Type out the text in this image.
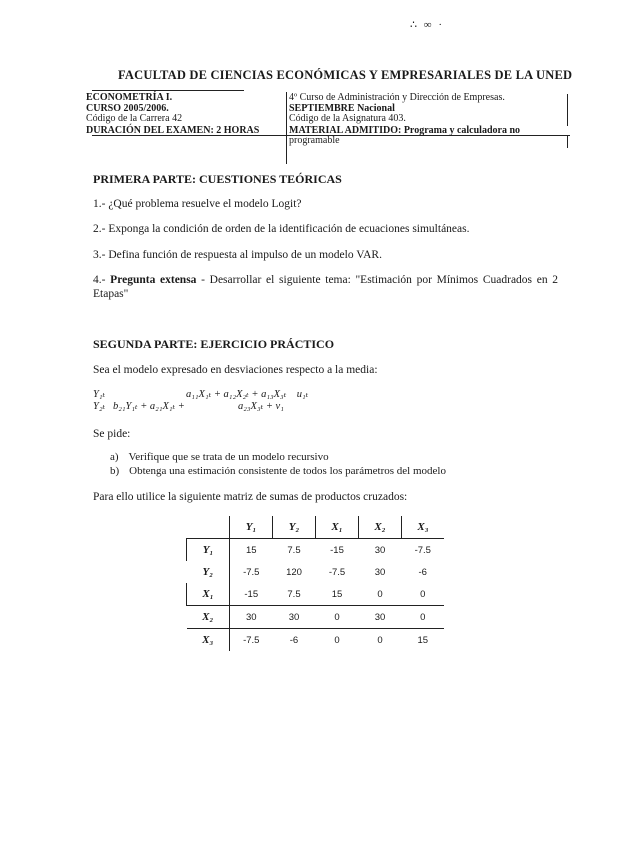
∴ ∞ ·
FACULTAD DE CIENCIAS ECONÓMICAS Y EMPRESARIALES DE LA UNED
ECONOMETRÍA I.
CURSO 2005/2006.
Código de la Carrera 42
DURACIÓN DEL EXAMEN: 2 HORAS
4º Curso de Administración y Dirección de Empresas.
SEPTIEMBRE Nacional
Código de la Asignatura 403.
MATERIAL ADMITIDO: Programa y calculadora no
programable
PRIMERA PARTE: CUESTIONES TEÓRICAS
1.- ¿Qué problema resuelve el modelo Logit?
2.- Exponga la condición de orden de la identificación de ecuaciones simultáneas.
3.- Defina función de respuesta al impulso de un modelo VAR.
4.- Pregunta extensa - Desarrollar el siguiente tema: "Estimación por Mínimos Cuadrados en 2 Etapas"
SEGUNDA PARTE: EJERCICIO PRÁCTICO
Sea el modelo expresado en desviaciones respecto a la media:
Y₁ₜ	a₁₁X₁ₜ + a₁₂X₂ₜ + a₁₃X₃ₜ    u₁ₜ
Y₂ₜ   b₂₁Y₁ₜ + a₂₁X₁ₜ +	a₂₃X₃ₜ + v₁
Se pide:
a) Verifique que se trata de un modelo recursivo
b) Obtenga una estimación consistente de todos los parámetros del modelo
Para ello utilice la siguiente matriz de sumas de productos cruzados:
	Y₁	Y₂	X₁	X₂	X₃
Y₁	15	7.5	-15	30	-7.5
Y₂	-7.5	120	-7.5	30	-6
X₁	-15	7.5	15	0	0
X₂	30	30	0	30	0
X₃	-7.5	-6	0	0	15
